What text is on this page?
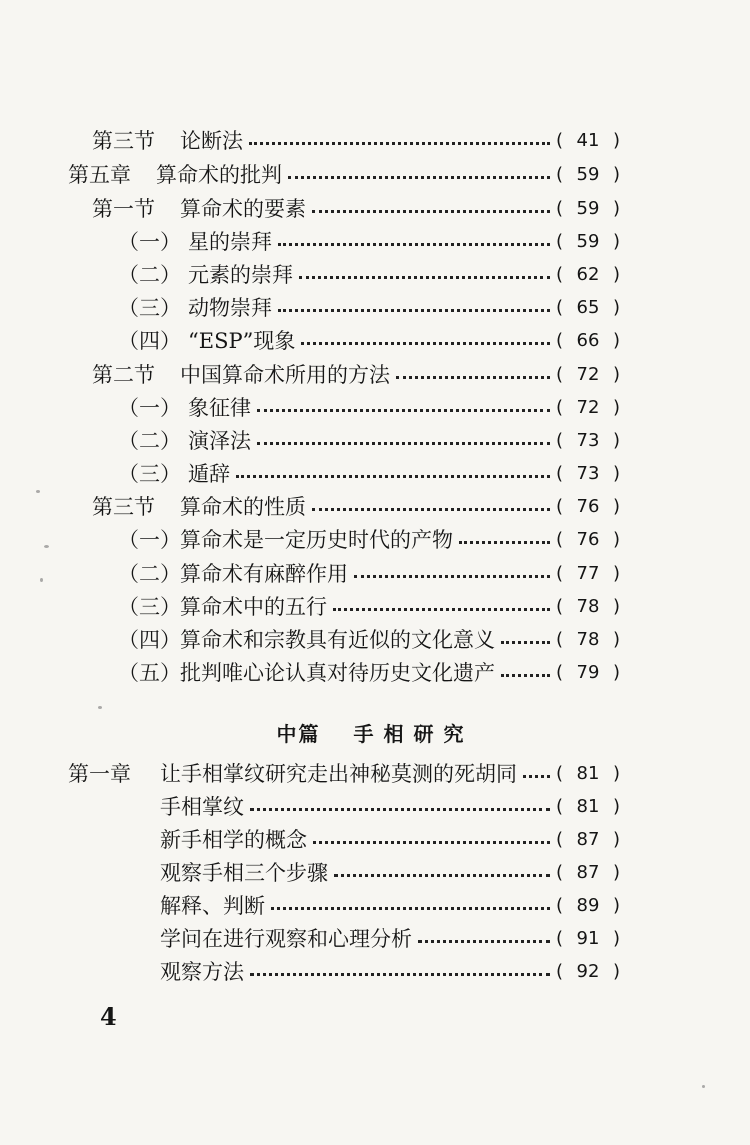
第三节	论断法	( 41 )
第五章	算命术的批判	( 59 )
第一节	算命术的要素	( 59 )
（一） 星的崇拜	( 59 )
（二） 元素的崇拜	( 62 )
（三） 动物崇拜	( 65 )
（四） “ESP”现象	( 66 )
第二节	中国算命术所用的方法	( 72 )
（一） 象征律	( 72 )
（二） 演泽法	( 73 )
（三） 遁辞	( 73 )
第三节	算命术的性质	( 76 )
（一） 算命术是一定历史时代的产物	( 76 )
（二） 算命术有麻醉作用	( 77 )
（三） 算命术中的五行	( 78 )
（四） 算命术和宗教具有近似的文化意义	( 78 )
（五） 批判唯心论认真对待历史文化遗产	( 79 )
中篇 手相研究
第一章	让手相掌纹研究走出神秘莫测的死胡同 ( 81 )
手相掌纹	( 81 )
新手相学的概念	( 87 )
观察手相三个步骤	( 87 )
解释、判断	( 89 )
学问在进行观察和心理分析	( 91 )
观察方法	( 92 )
4
